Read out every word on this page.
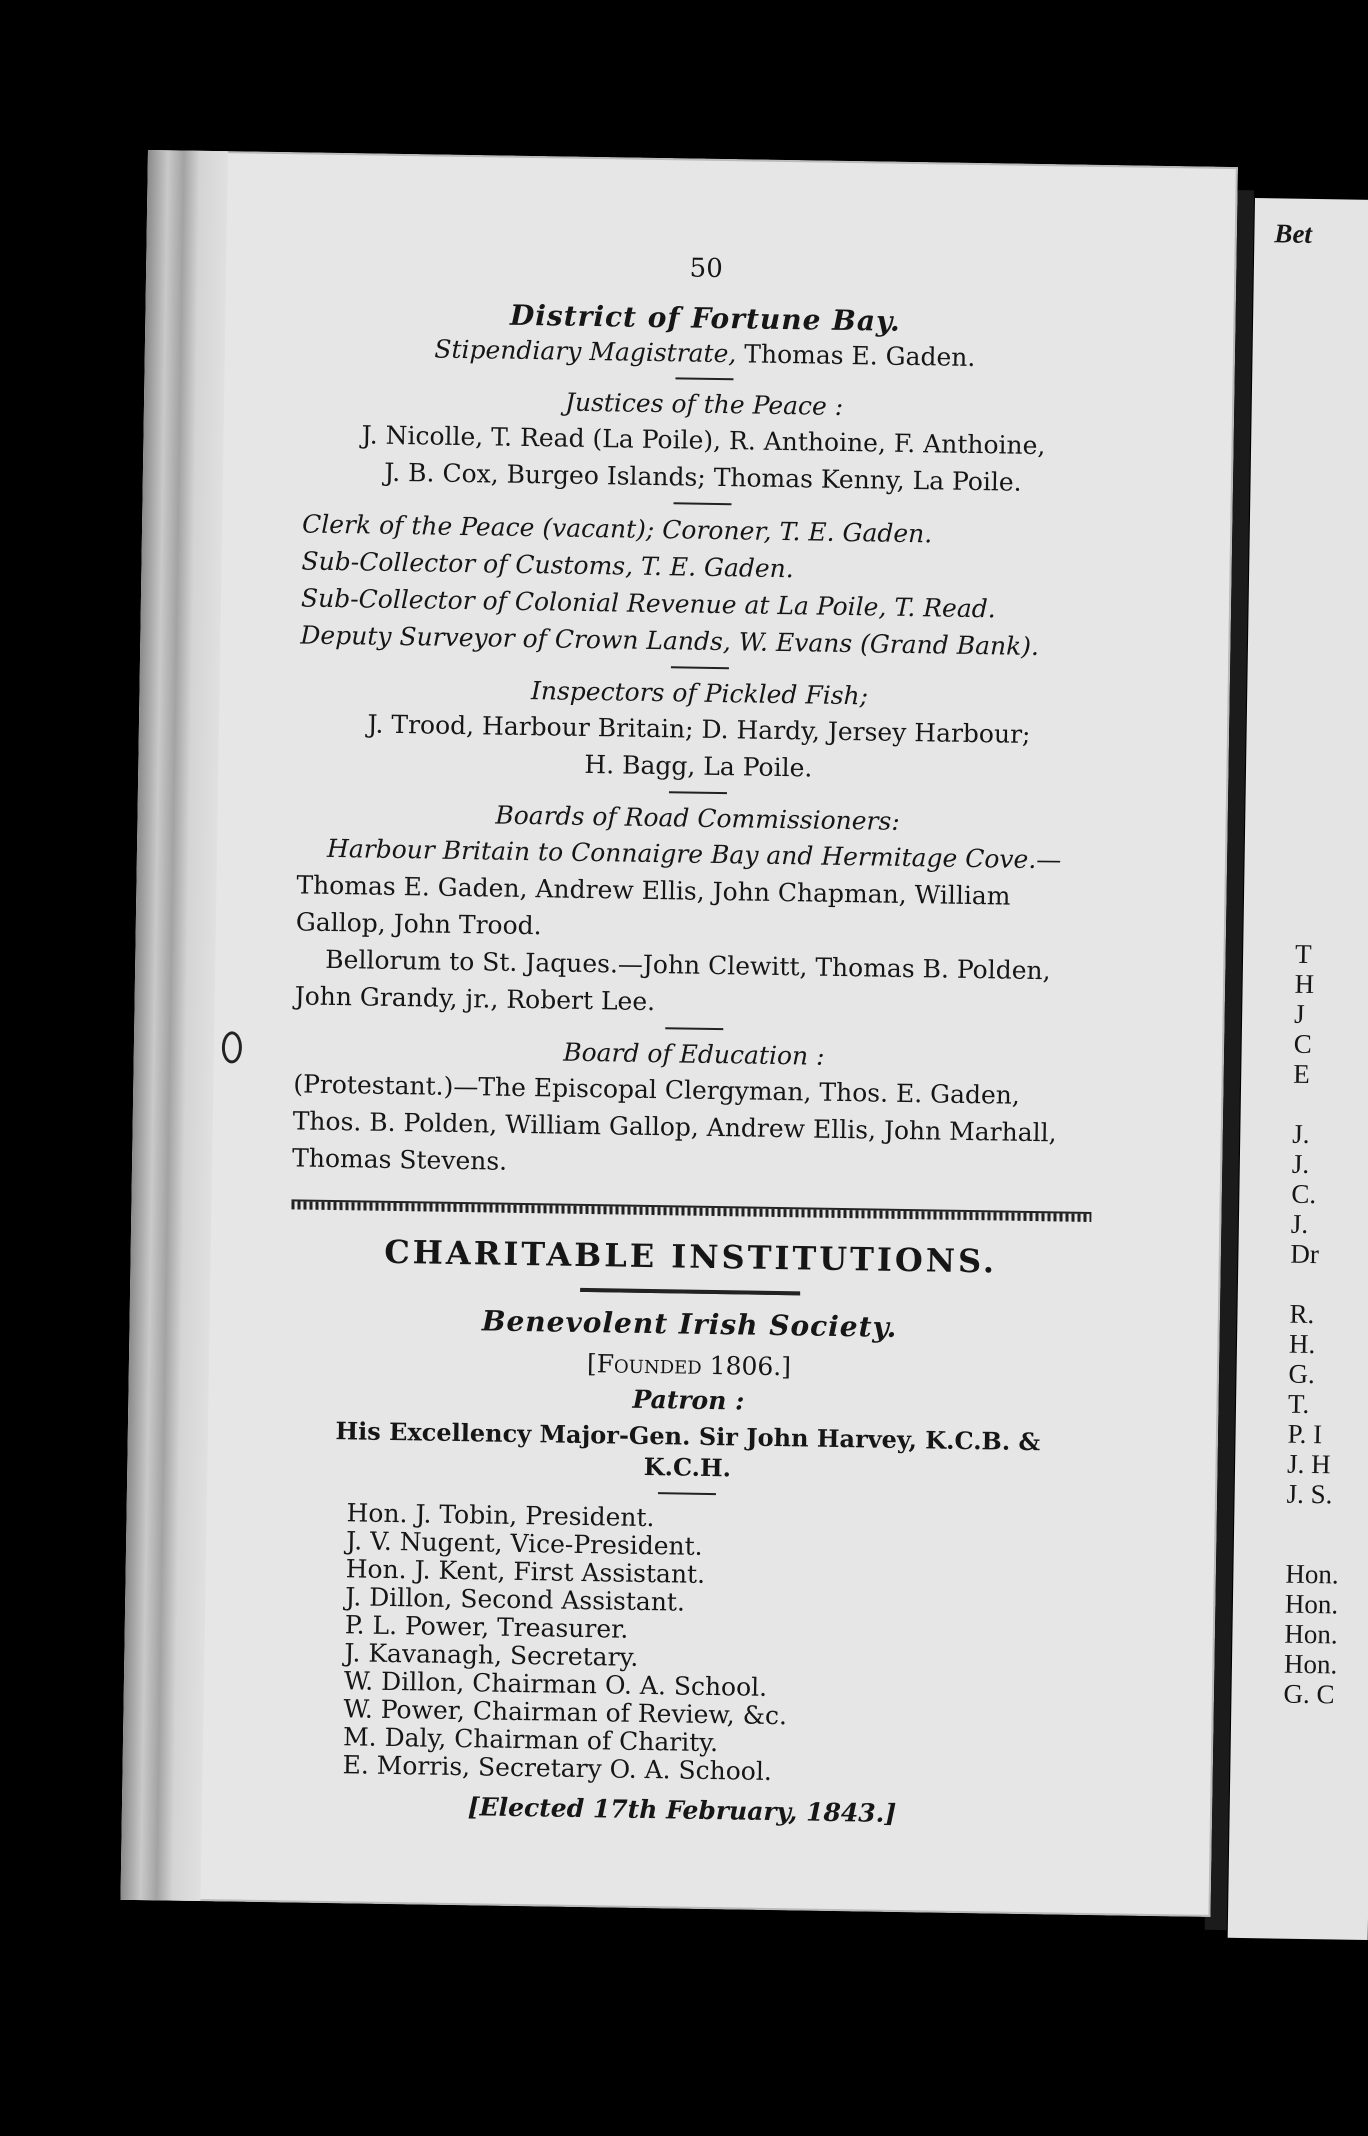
Bet
T
H
J
C
E
J.
J.
C.
J.
Dr
R.
H.
G.
T.
P. I
J. H
J. S.
Hon.
Hon.
Hon.
Hon.
G. C
50
District of Fortune Bay.
Stipendiary Magistrate, Thomas E. Gaden.
Justices of the Peace :
J. Nicolle, T. Read (La Poile), R. Anthoine, F. Anthoine,
J. B. Cox, Burgeo Islands; Thomas Kenny, La Poile.
Clerk of the Peace (vacant); Coroner, T. E. Gaden.
Sub-Collector of Customs, T. E. Gaden.
Sub-Collector of Colonial Revenue at La Poile, T. Read.
Deputy Surveyor of Crown Lands, W. Evans (Grand Bank).
Inspectors of Pickled Fish;
J. Trood, Harbour Britain; D. Hardy, Jersey Harbour;
H. Bagg, La Poile.
Boards of Road Commissioners:
Harbour Britain to Connaigre Bay and Hermitage Cove.—
Thomas E. Gaden, Andrew Ellis, John Chapman, William
Gallop, John Trood.
Bellorum to St. Jaques.—John Clewitt, Thomas B. Polden,
John Grandy, jr., Robert Lee.
Board of Education :
(Protestant.)—The Episcopal Clergyman, Thos. E. Gaden,
Thos. B. Polden, William Gallop, Andrew Ellis, John Marhall,
Thomas Stevens.
CHARITABLE INSTITUTIONS.
Benevolent Irish Society.
[Founded 1806.]
Patron :
His Excellency Major-Gen. Sir John Harvey, K.C.B. & K.C.H.
Hon. J. Tobin, President.
J. V. Nugent, Vice-President.
Hon. J. Kent, First Assistant.
J. Dillon, Second Assistant.
P. L. Power, Treasurer.
J. Kavanagh, Secretary.
W. Dillon, Chairman O. A. School.
W. Power, Chairman of Review, &c.
M. Daly, Chairman of Charity.
E. Morris, Secretary O. A. School.
[Elected 17th February, 1843.]
